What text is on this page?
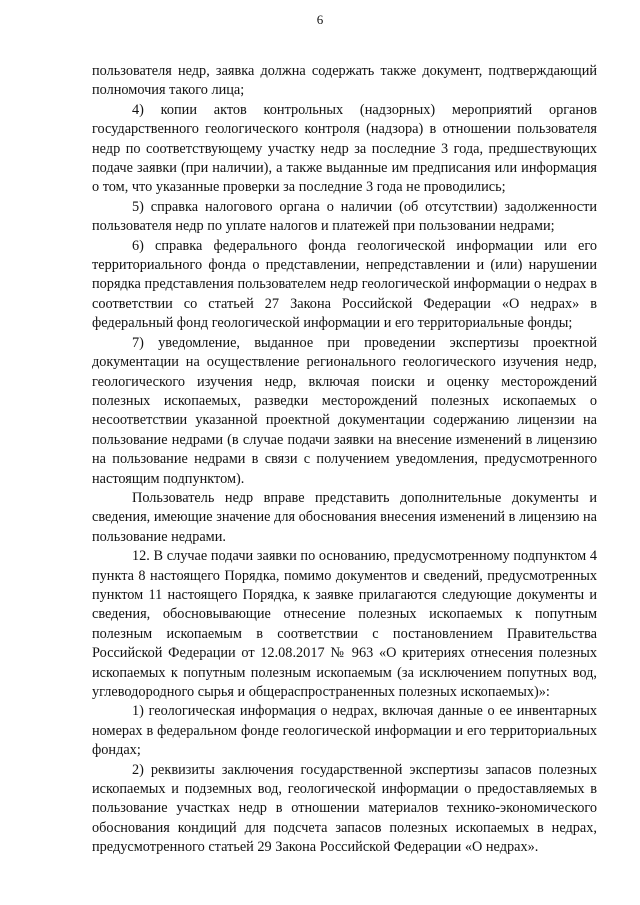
6

пользователя недр, заявка должна содержать также документ, подтверждающий полномочия такого лица;

4) копии актов контрольных (надзорных) мероприятий органов государственного геологического контроля (надзора) в отношении пользователя недр по соответствующему участку недр за последние 3 года, предшествующих подаче заявки (при наличии), а также выданные им предписания или информация о том, что указанные проверки за последние 3 года не проводились;

5) справка налогового органа о наличии (об отсутствии) задолженности пользователя недр по уплате налогов и платежей при пользовании недрами;

6) справка федерального фонда геологической информации или его территориального фонда о представлении, непредставлении и (или) нарушении порядка представления пользователем недр геологической информации о недрах в соответствии со статьей 27 Закона Российской Федерации «О недрах» в федеральный фонд геологической информации и его территориальные фонды;

7) уведомление, выданное при проведении экспертизы проектной документации на осуществление регионального геологического изучения недр, геологического изучения недр, включая поиски и оценку месторождений полезных ископаемых, разведки месторождений полезных ископаемых о несоответствии указанной проектной документации содержанию лицензии на пользование недрами (в случае подачи заявки на внесение изменений в лицензию на пользование недрами в связи с получением уведомления, предусмотренного настоящим подпунктом).

Пользователь недр вправе представить дополнительные документы и сведения, имеющие значение для обоснования внесения изменений в лицензию на пользование недрами.

12. В случае подачи заявки по основанию, предусмотренному подпунктом 4 пункта 8 настоящего Порядка, помимо документов и сведений, предусмотренных пунктом 11 настоящего Порядка, к заявке прилагаются следующие документы и сведения, обосновывающие отнесение полезных ископаемых к попутным полезным ископаемым в соответствии с постановлением Правительства Российской Федерации от 12.08.2017 № 963 «О критериях отнесения полезных ископаемых к попутным полезным ископаемым (за исключением попутных вод, углеводородного сырья и общераспространенных полезных ископаемых)»:

1) геологическая информация о недрах, включая данные о ее инвентарных номерах в федеральном фонде геологической информации и его территориальных фондах;

2) реквизиты заключения государственной экспертизы запасов полезных ископаемых и подземных вод, геологической информации о предоставляемых в пользование участках недр в отношении материалов технико-экономического обоснования кондиций для подсчета запасов полезных ископаемых в недрах, предусмотренного статьей 29 Закона Российской Федерации «О недрах».
